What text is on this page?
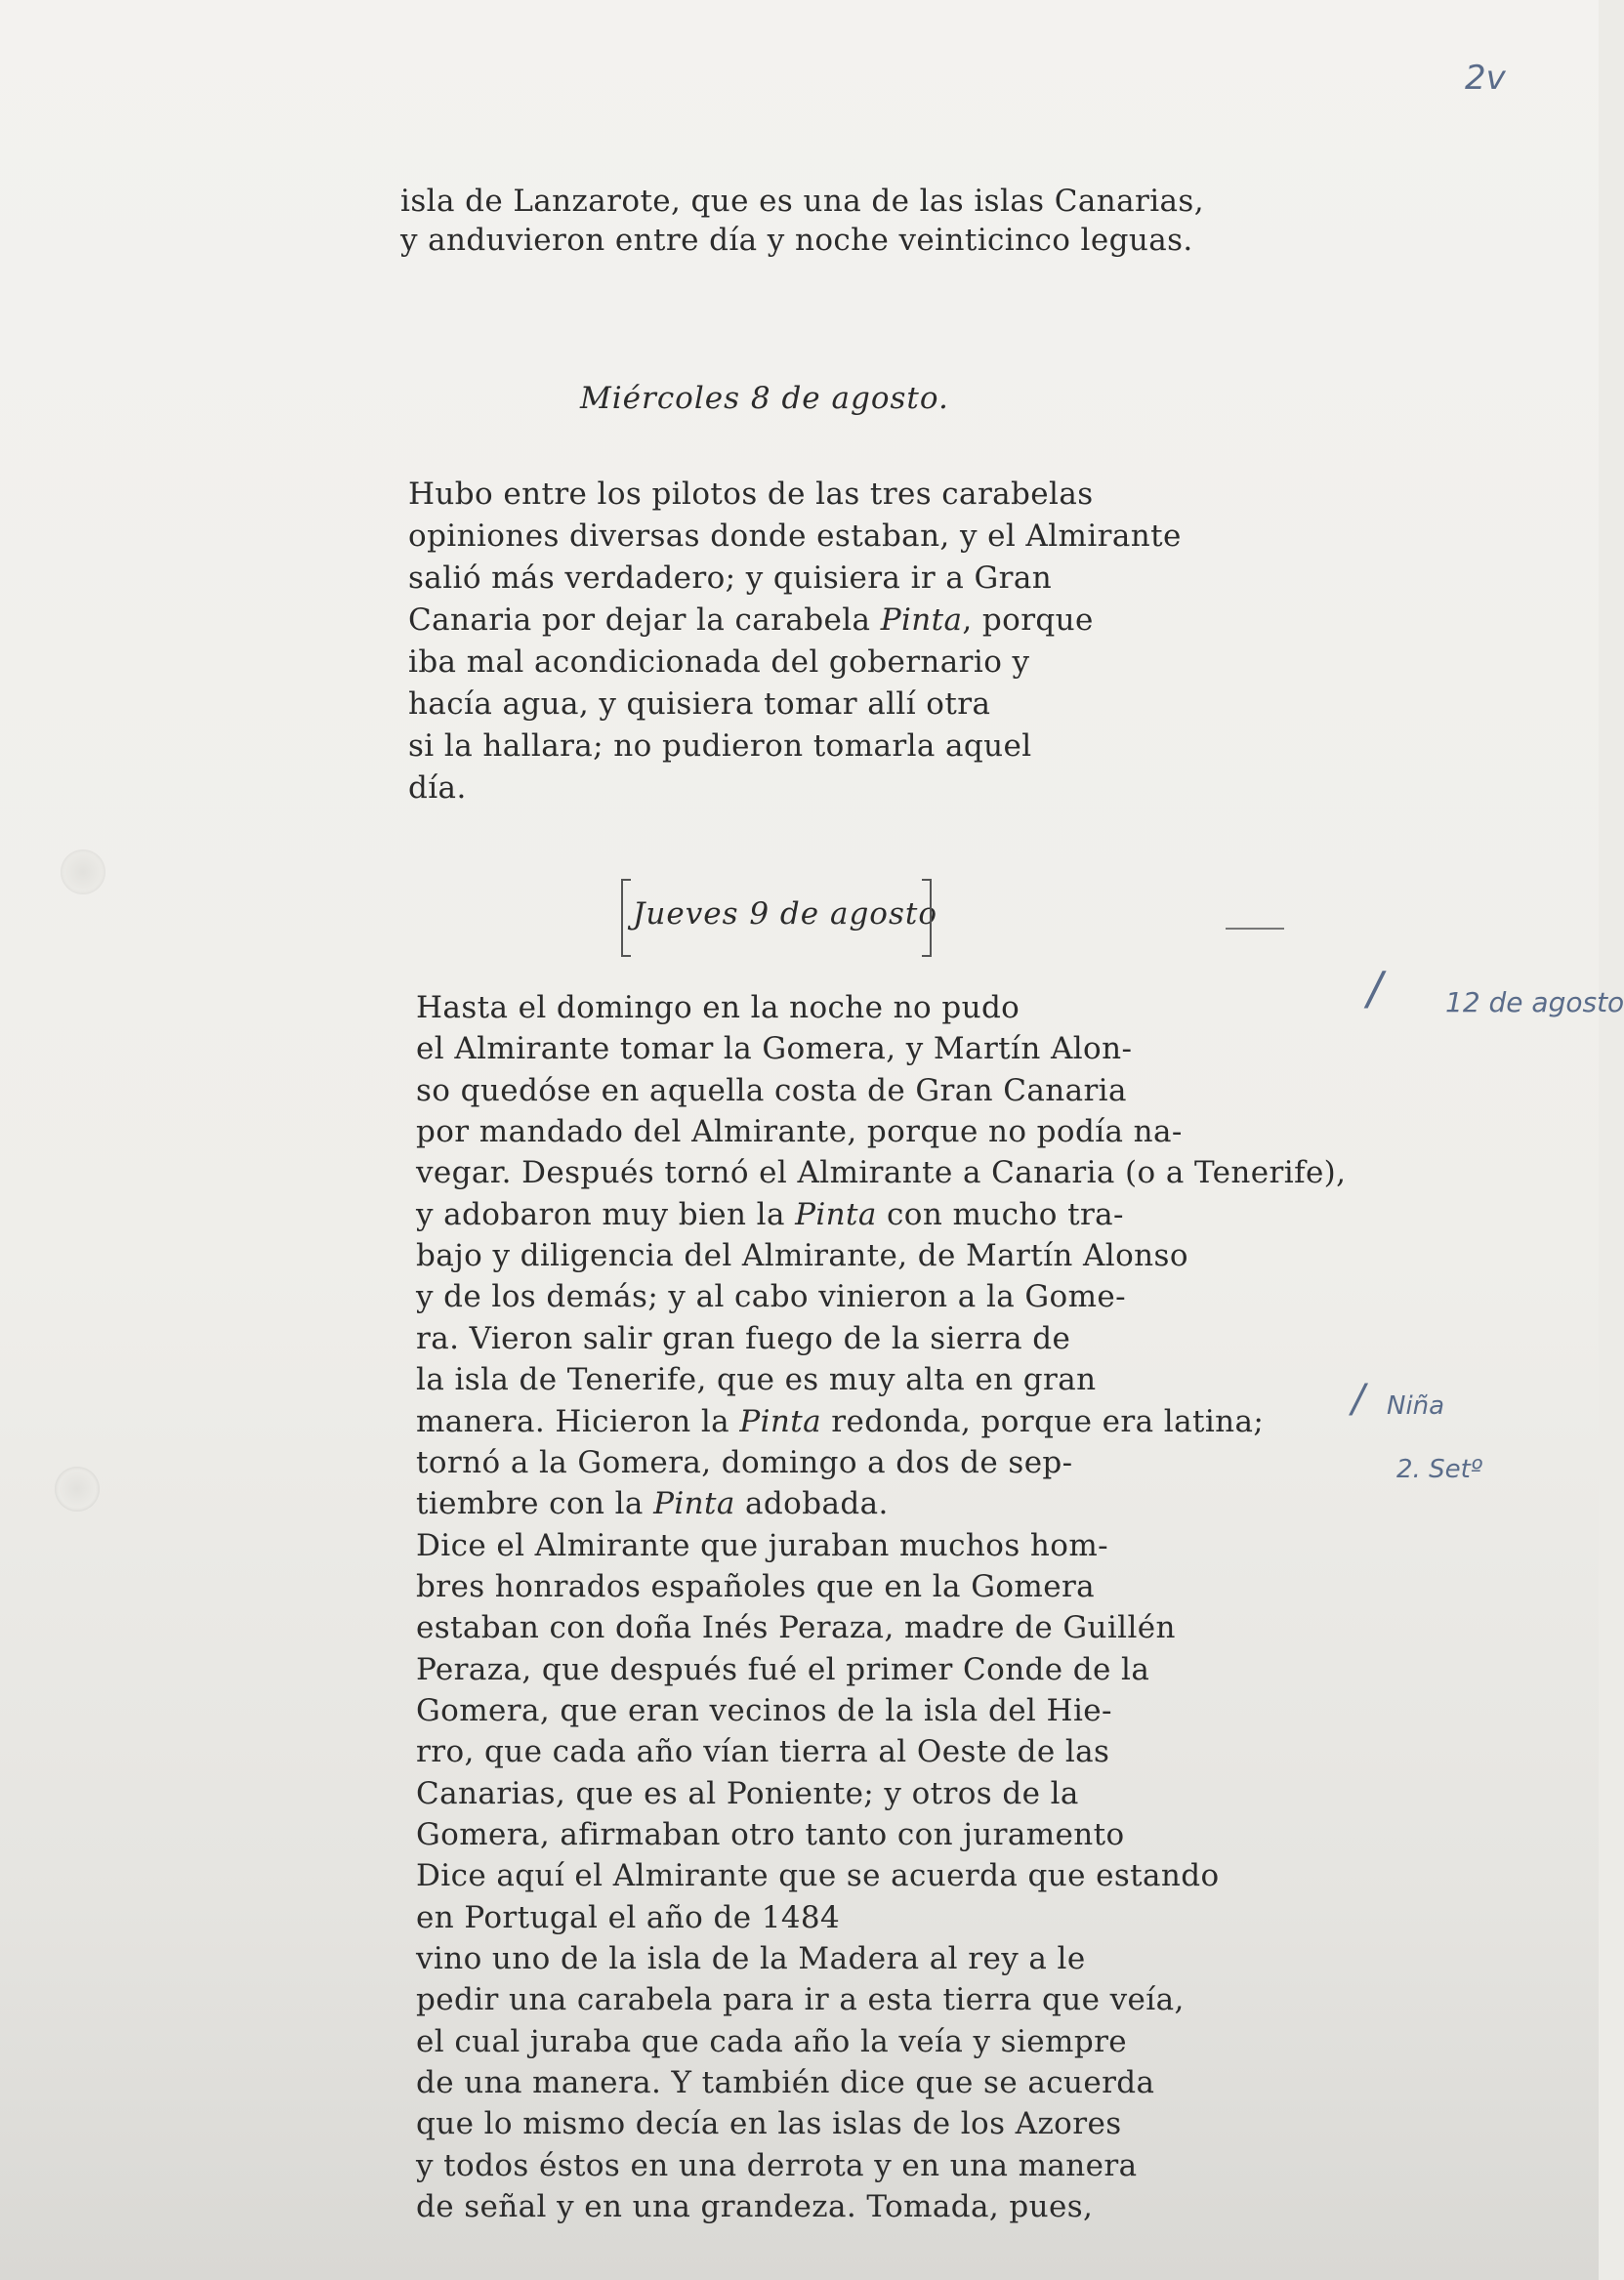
2v
isla de Lanzarote, que es una de las islas Canarias,
y anduvieron entre día y noche veinticinco leguas.
Miércoles 8 de agosto.
Hubo entre los pilotos de las tres carabelas
opiniones diversas donde estaban, y el Almirante
salió más verdadero; y quisiera ir a Gran
Canaria por dejar la carabela Pinta, porque
iba mal acondicionada del gobernario y
hacía agua, y quisiera tomar allí otra
si la hallara; no pudieron tomarla aquel
día.
Jueves 9 de agosto
Hasta el domingo en la noche no pudo
el Almirante tomar la Gomera, y Martín Alon-
so quedóse en aquella costa de Gran Canaria
por mandado del Almirante, porque no podía na-
vegar. Después tornó el Almirante a Canaria (o a Tenerife),
y adobaron muy bien la Pinta con mucho tra-
bajo y diligencia del Almirante, de Martín Alonso
y de los demás; y al cabo vinieron a la Gome-
ra. Vieron salir gran fuego de la sierra de
la isla de Tenerife, que es muy alta en gran
manera. Hicieron la Pinta redonda, porque era latina;
tornó a la Gomera, domingo a dos de sep-
tiembre con la Pinta adobada.
Dice el Almirante que juraban muchos hom-
bres honrados españoles que en la Gomera
estaban con doña Inés Peraza, madre de Guillén
Peraza, que después fué el primer Conde de la
Gomera, que eran vecinos de la isla del Hie-
rro, que cada año vían tierra al Oeste de las
Canarias, que es al Poniente; y otros de la
Gomera, afirmaban otro tanto con juramento
Dice aquí el Almirante que se acuerda que estando
en Portugal el año de 1484
vino uno de la isla de la Madera al rey a le
pedir una carabela para ir a esta tierra que veía,
el cual juraba que cada año la veía y siempre
de una manera. Y también dice que se acuerda
que lo mismo decía en las islas de los Azores
y todos éstos en una derrota y en una manera
de señal y en una grandeza. Tomada, pues,
/ 12 de agosto
/ Niña
2. Setº
